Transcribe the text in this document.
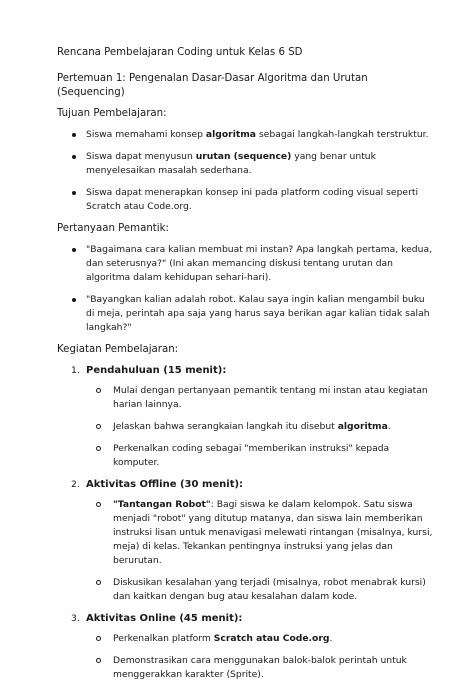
Rencana Pembelajaran Coding untuk Kelas 6 SD
Pertemuan 1: Pengenalan Dasar-Dasar Algoritma dan Urutan (Sequencing)
Tujuan Pembelajaran:
Siswa memahami konsep algoritma sebagai langkah-langkah terstruktur.
Siswa dapat menyusun urutan (sequence) yang benar untuk menyelesaikan masalah sederhana.
Siswa dapat menerapkan konsep ini pada platform coding visual seperti Scratch atau Code.org.
Pertanyaan Pemantik:
"Bagaimana cara kalian membuat mi instan? Apa langkah pertama, kedua, dan seterusnya?" (Ini akan memancing diskusi tentang urutan dan algoritma dalam kehidupan sehari-hari).
"Bayangkan kalian adalah robot. Kalau saya ingin kalian mengambil buku di meja, perintah apa saja yang harus saya berikan agar kalian tidak salah langkah?"
Kegiatan Pembelajaran:
1. Pendahuluan (15 menit):
Mulai dengan pertanyaan pemantik tentang mi instan atau kegiatan harian lainnya.
Jelaskan bahwa serangkaian langkah itu disebut algoritma.
Perkenalkan coding sebagai "memberikan instruksi" kepada komputer.
2. Aktivitas Offline (30 menit):
"Tantangan Robot": Bagi siswa ke dalam kelompok. Satu siswa menjadi "robot" yang ditutup matanya, dan siswa lain memberikan instruksi lisan untuk menavigasi melewati rintangan (misalnya, kursi, meja) di kelas. Tekankan pentingnya instruksi yang jelas dan berurutan.
Diskusikan kesalahan yang terjadi (misalnya, robot menabrak kursi) dan kaitkan dengan bug atau kesalahan dalam kode.
3. Aktivitas Online (45 menit):
Perkenalkan platform Scratch atau Code.org.
Demonstrasikan cara menggunakan balok-balok perintah untuk menggerakkan karakter (Sprite).
